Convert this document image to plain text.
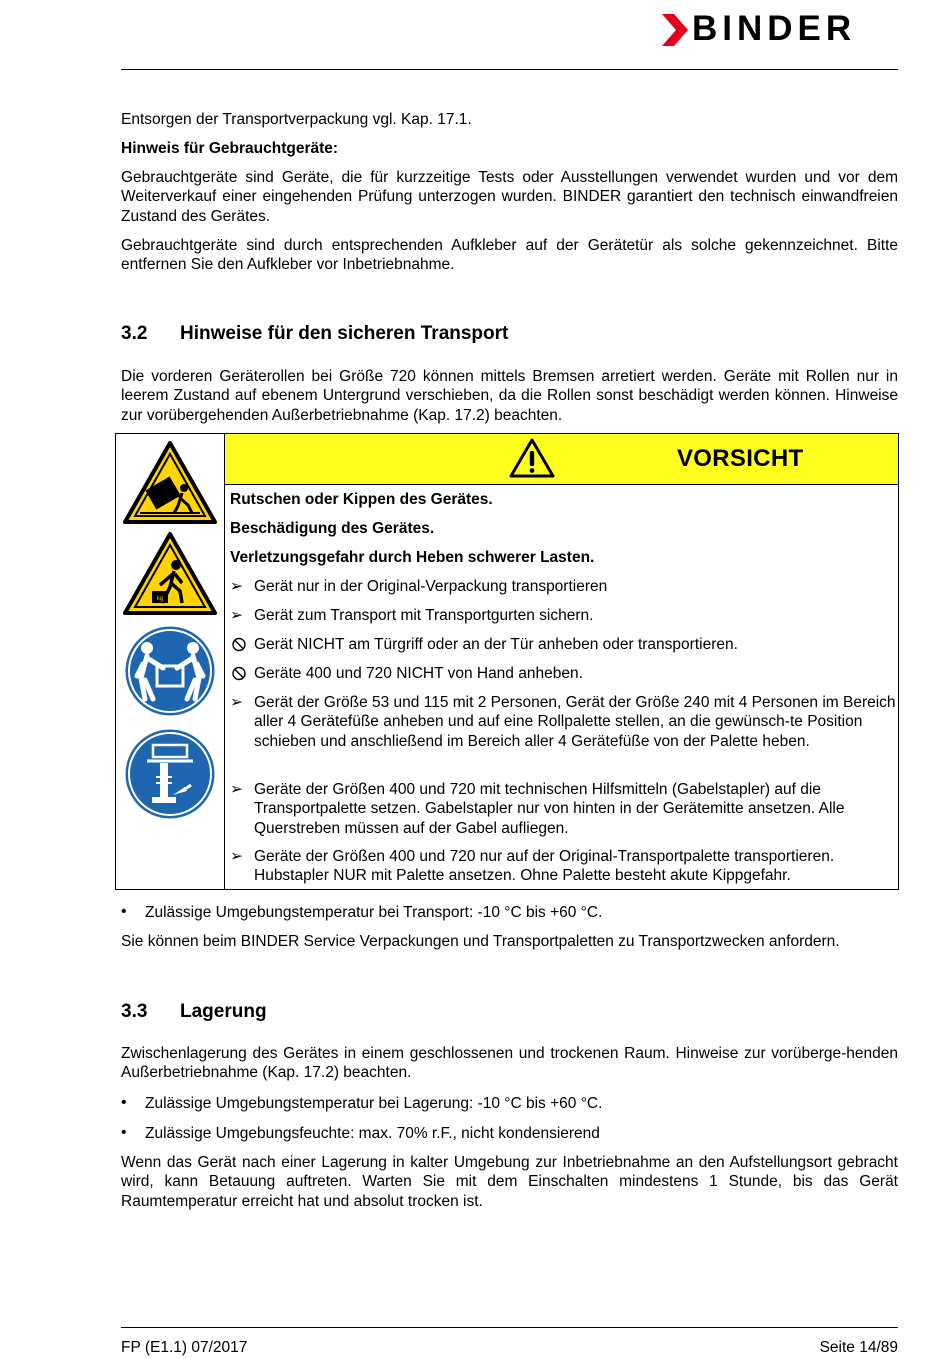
BINDER

Entsorgen der Transportverpackung vgl. Kap. 17.1.

Hinweis für Gebrauchtgeräte:

Gebrauchtgeräte sind Geräte, die für kurzzeitige Tests oder Ausstellungen verwendet wurden und vor dem Weiterverkauf einer eingehenden Prüfung unterzogen wurden. BINDER garantiert den technisch einwandfreien Zustand des Gerätes.

Gebrauchtgeräte sind durch entsprechenden Aufkleber auf der Gerätetür als solche gekennzeichnet. Bitte entfernen Sie den Aufkleber vor Inbetriebnahme.

3.2 Hinweise für den sicheren Transport

Die vorderen Geräterollen bei Größe 720 können mittels Bremsen arretiert werden. Geräte mit Rollen nur in leerem Zustand auf ebenem Untergrund verschieben, da die Rollen sonst beschädigt werden können. Hinweise zur vorübergehenden Außerbetriebnahme (Kap. 17.2) beachten.

VORSICHT
kg

Rutschen oder Kippen des Gerätes.

Beschädigung des Gerätes.

Verletzungsgefahr durch Heben schwerer Lasten.

➢ Gerät nur in der Original-Verpackung transportieren
➢ Gerät zum Transport mit Transportgurten sichern.
Gerät NICHT am Türgriff oder an der Tür anheben oder transportieren.
Geräte 400 und 720 NICHT von Hand anheben.
➢ Gerät der Größe 53 und 115 mit 2 Personen, Gerät der Größe 240 mit 4 Personen im Bereich aller 4 Gerätefüße anheben und auf eine Rollpalette stellen, an die gewünsch-te Position schieben und anschließend im Bereich aller 4 Gerätefüße von der Palette heben.
➢ Geräte der Größen 400 und 720 mit technischen Hilfsmitteln (Gabelstapler) auf die Transportpalette setzen. Gabelstapler nur von hinten in der Gerätemitte ansetzen. Alle Querstreben müssen auf der Gabel aufliegen.
➢ Geräte der Größen 400 und 720 nur auf der Original-Transportpalette transportieren. Hubstapler NUR mit Palette ansetzen. Ohne Palette besteht akute Kippgefahr.
• Zulässige Umgebungstemperatur bei Transport: -10 °C bis +60 °C.

Sie können beim BINDER Service Verpackungen und Transportpaletten zu Transportzwecken anfordern.

3.3 Lagerung

Zwischenlagerung des Gerätes in einem geschlossenen und trockenen Raum. Hinweise zur vorüberge-henden Außerbetriebnahme (Kap. 17.2) beachten.

• Zulässige Umgebungstemperatur bei Lagerung: -10 °C bis +60 °C.
• Zulässige Umgebungsfeuchte: max. 70% r.F., nicht kondensierend

Wenn das Gerät nach einer Lagerung in kalter Umgebung zur Inbetriebnahme an den Aufstellungsort gebracht wird, kann Betauung auftreten. Warten Sie mit dem Einschalten mindestens 1 Stunde, bis das Gerät Raumtemperatur erreicht hat und absolut trocken ist.

FP (E1.1) 07/2017	Seite 14/89
